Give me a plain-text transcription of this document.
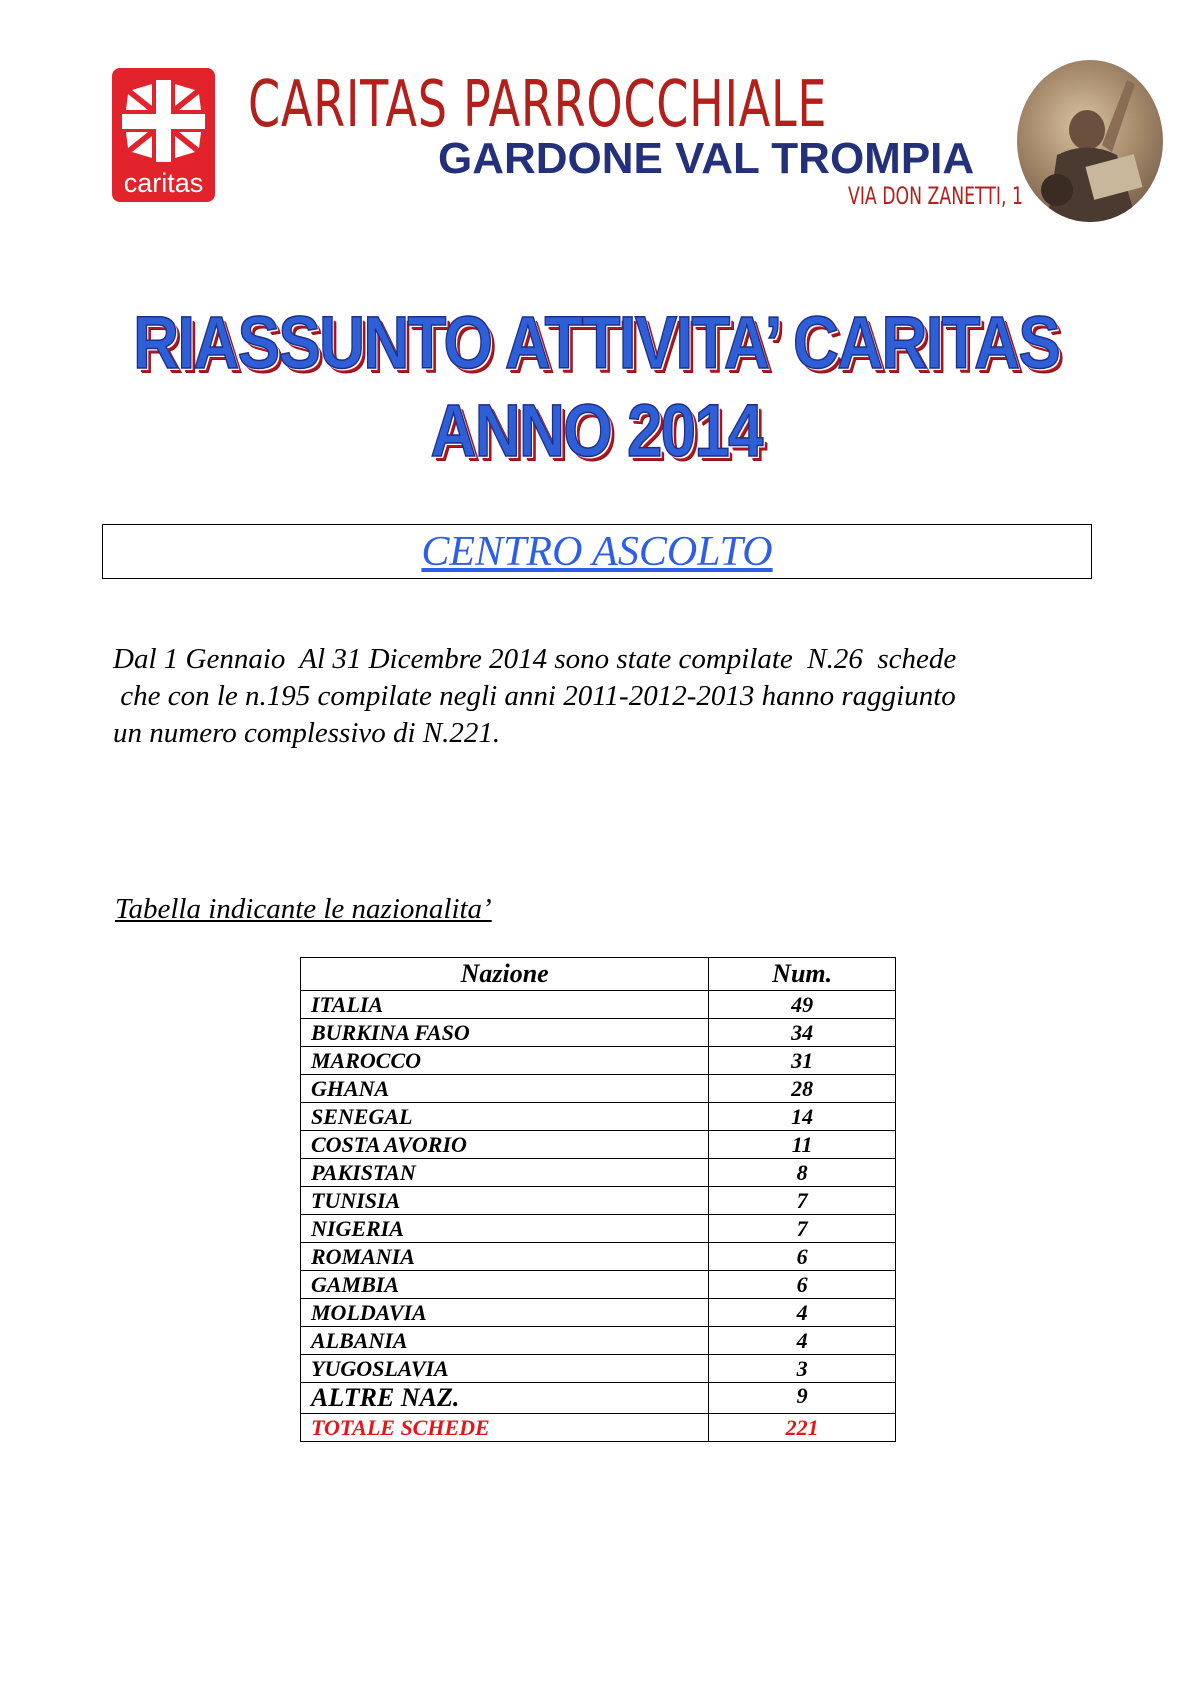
caritas
CARITAS PARROCCHIALE
GARDONE VAL TROMPIA
VIA DON ZANETTI, 1
RIASSUNTO ATTIVITA’ CARITAS
ANNO 2014
CENTRO ASCOLTO
Dal 1 Gennaio  Al 31 Dicembre 2014 sono state compilate  N.26  schede
che con le n.195 compilate negli anni 2011-2012-2013 hanno raggiunto
un numero complessivo di N.221.
Tabella indicante le nazionalita’
Nazione	Num.
ITALIA	49
BURKINA FASO	34
MAROCCO	31
GHANA	28
SENEGAL	14
COSTA AVORIO	11
PAKISTAN	8
TUNISIA	7
NIGERIA	7
ROMANIA	6
GAMBIA	6
MOLDAVIA	4
ALBANIA	4
YUGOSLAVIA	3
ALTRE NAZ.	9
TOTALE SCHEDE	221
